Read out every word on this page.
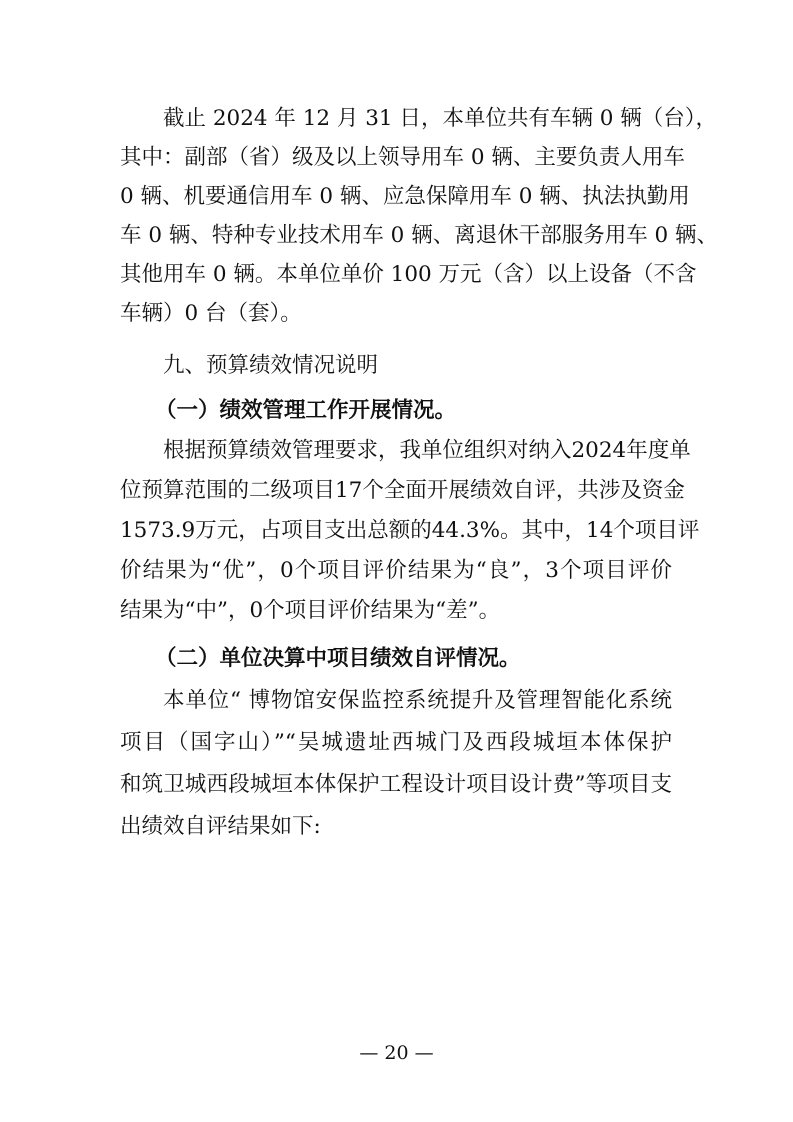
截止 2024 年 12 月 31 日，本单位共有车辆 0 辆（台），
其中：副部（省）级及以上领导用车 0 辆、主要负责人用车
0 辆、机要通信用车 0 辆、应急保障用车 0 辆、执法执勤用
车 0 辆、特种专业技术用车 0 辆、离退休干部服务用车 0 辆、
其他用车 0 辆。本单位单价 100 万元（含）以上设备（不含
车辆）0 台（套）。
九、预算绩效情况说明
（一）绩效管理工作开展情况。
根据预算绩效管理要求，我单位组织对纳入2024年度单
位预算范围的二级项目17个全面开展绩效自评，共涉及资金
1573.9万元，占项目支出总额的44.3%。其中，14个项目评
价结果为“优”，0个项目评价结果为“良”，3个项目评价
结果为“中”，0个项目评价结果为“差”。
（二）单位决算中项目绩效自评情况。
本单位“ 博物馆安保监控系统提升及管理智能化系统
项目（国字山）”“吴城遗址西城门及西段城垣本体保护
和筑卫城西段城垣本体保护工程设计项目设计费”等项目支
出绩效自评结果如下:
— 20 —
